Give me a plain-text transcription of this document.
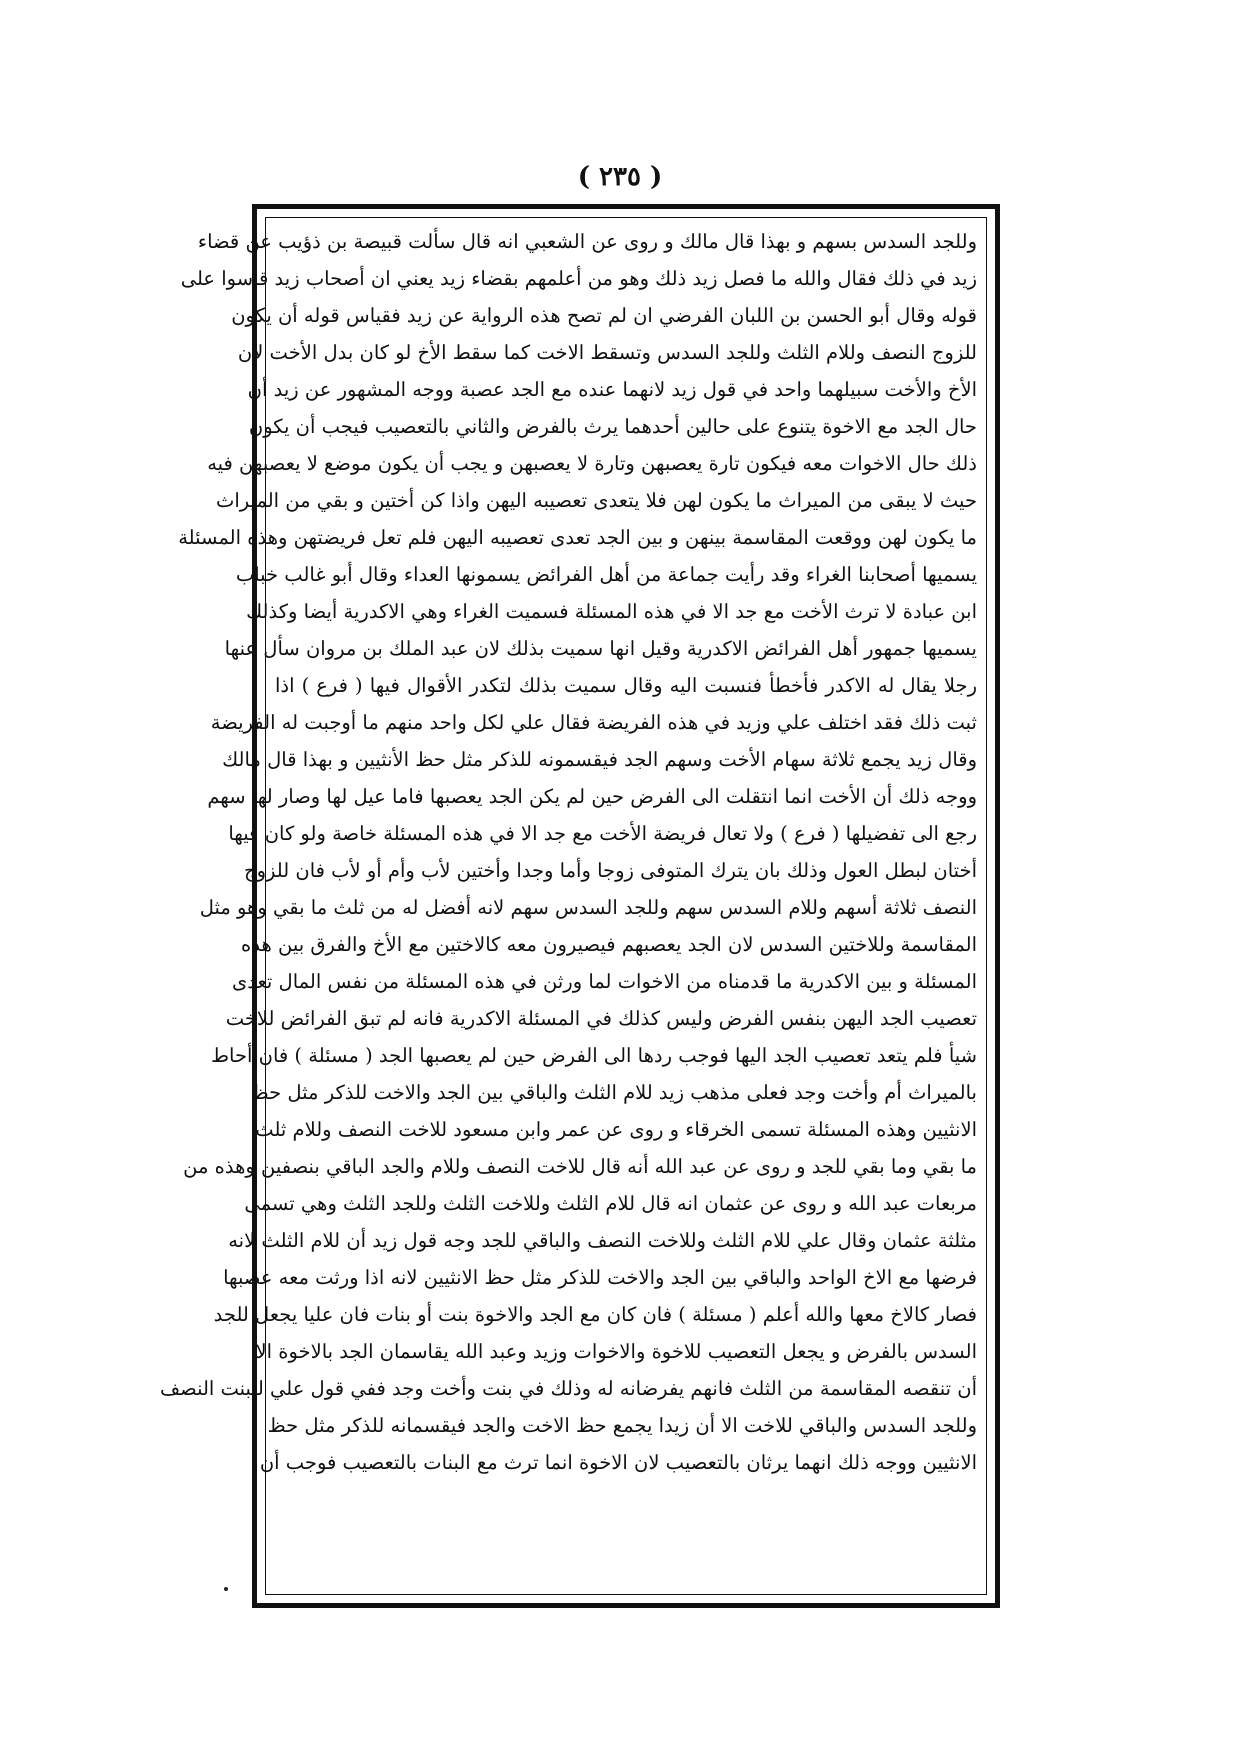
( ٢٣٥ )
وللجد السدس بسهم و بهذا قال مالك و روى عن الشعبي انه قال سألت قبيصة بن ذؤيب عن قضاء
زيد في ذلك فقال والله ما فصل زيد ذلك وهو من أعلمهم بقضاء زيد يعني ان أصحاب زيد قاسوا على
قوله وقال أبو الحسن بن اللبان الفرضي ان لم تصح هذه الرواية عن زيد فقياس قوله أن يكون
للزوج النصف وللام الثلث وللجد السدس وتسقط الاخت كما سقط الأخ لو كان بدل الأخت لان
الأخ والأخت سبيلهما واحد في قول زيد لانهما عنده مع الجد عصبة ووجه المشهور عن زيد أن
حال الجد مع الاخوة يتنوع على حالين أحدهما يرث بالفرض والثاني بالتعصيب فيجب أن يكون
ذلك حال الاخوات معه فيكون تارة يعصبهن وتارة لا يعصبهن و يجب أن يكون موضع لا يعصبهن فيه
حيث لا يبقى من الميراث ما يكون لهن فلا يتعدى تعصيبه اليهن واذا كن أختين و بقي من الميراث
ما يكون لهن ووقعت المقاسمة بينهن و بين الجد تعدى تعصيبه اليهن فلم تعل فريضتهن وهذه المسئلة
يسميها أصحابنا الغراء وقد رأيت جماعة من أهل الفرائض يسمونها العداء وقال أبو غالب خباب
ابن عبادة لا ترث الأخت مع جد الا في هذه المسئلة فسميت الغراء وهي الاكدرية أيضا وكذلك
يسميها جمهور أهل الفرائض الاكدرية وقيل انها سميت بذلك لان عبد الملك بن مروان سأل عنها
رجلا يقال له الاكدر فأخطأ فنسبت اليه وقال سميت بذلك لتكدر الأقوال فيها ( فرع ) اذا
ثبت ذلك فقد اختلف علي وزيد في هذه الفريضة فقال علي لكل واحد منهم ما أوجبت له الفريضة
وقال زيد يجمع ثلاثة سهام الأخت وسهم الجد فيقسمونه للذكر مثل حظ الأنثيين و بهذا قال مالك
ووجه ذلك أن الأخت انما انتقلت الى الفرض حين لم يكن الجد يعصبها فاما عيل لها وصار لها سهم
رجع الى تفضيلها ( فرع ) ولا تعال فريضة الأخت مع جد الا في هذه المسئلة خاصة ولو كان فيها
أختان لبطل العول وذلك بان يترك المتوفى زوجا وأما وجدا وأختين لأب وأم أو لأب فان للزوج
النصف ثلاثة أسهم وللام السدس سهم وللجد السدس سهم لانه أفضل له من ثلث ما بقي وهو مثل
المقاسمة وللاختين السدس لان الجد يعصبهم فيصيرون معه كالاختين مع الأخ والفرق بين هذه
المسئلة و بين الاكدرية ما قدمناه من الاخوات لما ورثن في هذه المسئلة من نفس المال تعدى
تعصيب الجد اليهن بنفس الفرض وليس كذلك في المسئلة الاكدرية فانه لم تبق الفرائض للاخت
شيأ فلم يتعد تعصيب الجد اليها فوجب ردها الى الفرض حين لم يعصبها الجد ( مسئلة ) فان أحاط
بالميراث أم وأخت وجد فعلى مذهب زيد للام الثلث والباقي بين الجد والاخت للذكر مثل حظ
الانثيين وهذه المسئلة تسمى الخرقاء و روى عن عمر وابن مسعود للاخت النصف وللام ثلث
ما بقي وما بقي للجد و روى عن عبد الله أنه قال للاخت النصف وللام والجد الباقي بنصفين وهذه من
مربعات عبد الله و روى عن عثمان انه قال للام الثلث وللاخت الثلث وللجد الثلث وهي تسمى
مثلثة عثمان وقال علي للام الثلث وللاخت النصف والباقي للجد وجه قول زيد أن للام الثلث لانه
فرضها مع الاخ الواحد والباقي بين الجد والاخت للذكر مثل حظ الانثيين لانه اذا ورثت معه عصبها
فصار كالاخ معها والله أعلم ( مسئلة ) فان كان مع الجد والاخوة بنت أو بنات فان عليا يجعل للجد
السدس بالفرض و يجعل التعصيب للاخوة والاخوات وزيد وعبد الله يقاسمان الجد بالاخوة الا
أن تنقصه المقاسمة من الثلث فانهم يفرضانه له وذلك في بنت وأخت وجد ففي قول علي للبنت النصف
وللجد السدس والباقي للاخت الا أن زيدا يجمع حظ الاخت والجد فيقسمانه للذكر مثل حظ
الانثيين ووجه ذلك انهما يرثان بالتعصيب لان الاخوة انما ترث مع البنات بالتعصيب فوجب أن
